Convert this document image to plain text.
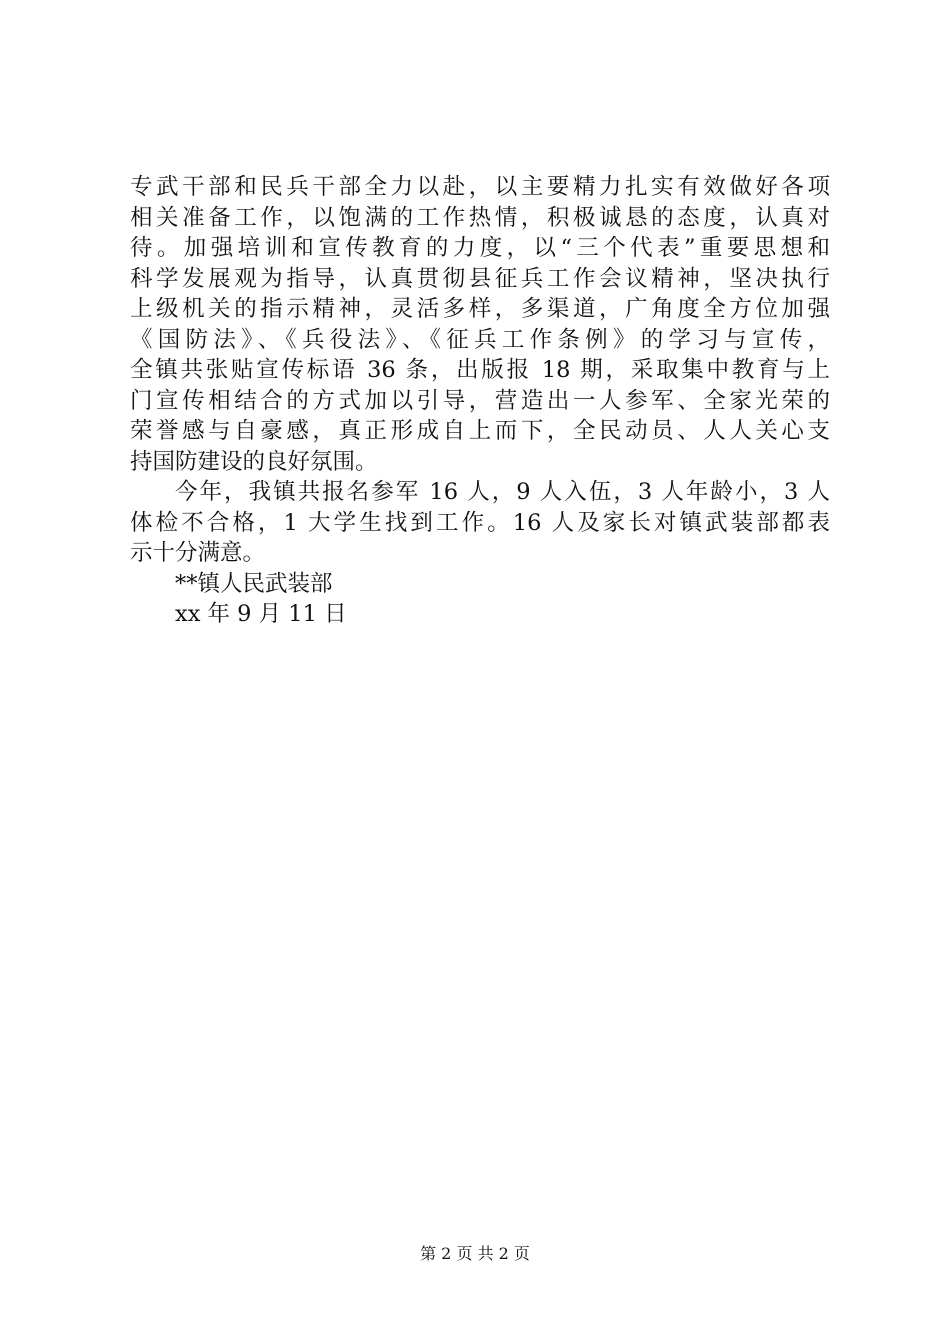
专武干部和民兵干部全力以赴，以主要精力扎实有效做好各项
相关准备工作，以饱满的工作热情，积极诚恳的态度，认真对
待。加强培训和宣传教育的力度，以“三个代表”重要思想和
科学发展观为指导，认真贯彻县征兵工作会议精神，坚决执行
上级机关的指示精神，灵活多样，多渠道，广角度全方位加强
《国防法》、《兵役法》、《征兵工作条例》的学习与宣传，
全镇共张贴宣传标语 36 条，出版报 18 期，采取集中教育与上
门宣传相结合的方式加以引导，营造出一人参军、全家光荣的
荣誉感与自豪感，真正形成自上而下，全民动员、人人关心支
持国防建设的良好氛围。
今年，我镇共报名参军 16 人，9 人入伍，3 人年龄小，3 人
体检不合格，1 大学生找到工作。16 人及家长对镇武装部都表
示十分满意。
**镇人民武装部
xx 年 9 月 11 日
第 2 页 共 2 页
